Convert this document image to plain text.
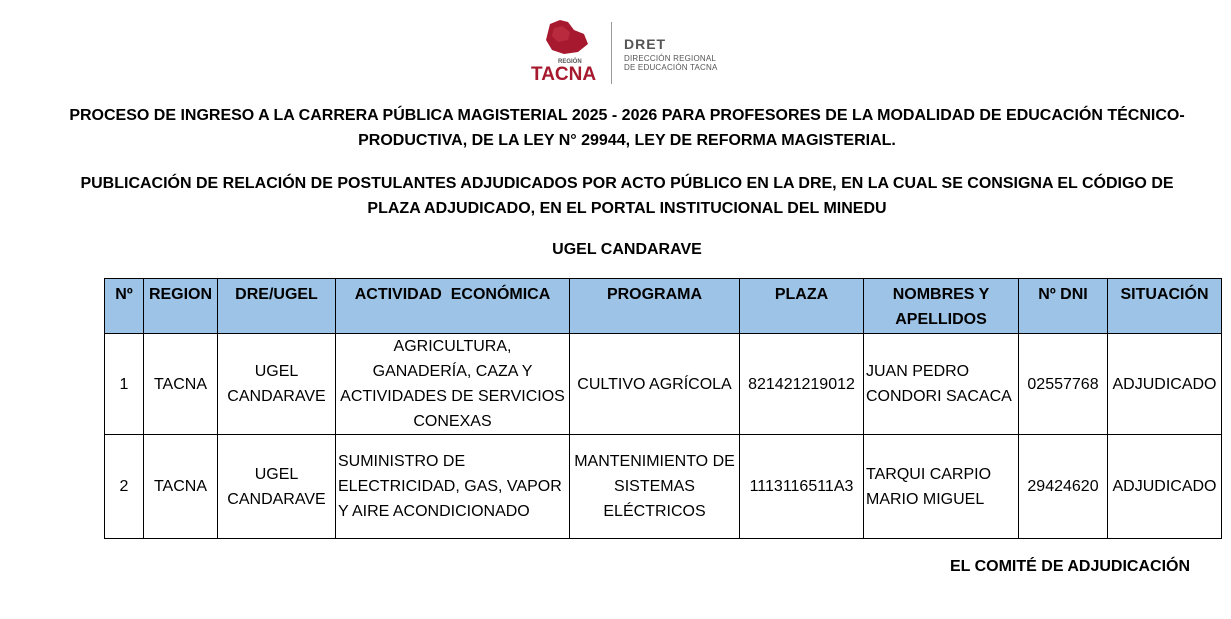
REGIÓN
TACNA
DRET
DIRECCIÓN REGIONAL
DE EDUCACIÓN TACNA
PROCESO DE INGRESO A LA CARRERA PÚBLICA MAGISTERIAL 2025 - 2026 PARA PROFESORES DE LA MODALIDAD DE EDUCACIÓN TÉCNICO-PRODUCTIVA, DE LA LEY N° 29944, LEY DE REFORMA MAGISTERIAL.
PUBLICACIÓN DE RELACIÓN DE POSTULANTES ADJUDICADOS POR ACTO PÚBLICO EN LA DRE, EN LA CUAL SE CONSIGNA EL CÓDIGO DE PLAZA ADJUDICADO, EN EL PORTAL INSTITUCIONAL DEL MINEDU
UGEL CANDARAVE
Nº	REGION	DRE/UGEL	ACTIVIDAD  ECONÓMICA	PROGRAMA	PLAZA	NOMBRES Y APELLIDOS	Nº DNI	SITUACIÓN
1	TACNA	UGEL CANDARAVE	AGRICULTURA,   GANADERÍA, CAZA Y ACTIVIDADES DE SERVICIOS CONEXAS	CULTIVO AGRÍCOLA	821421219012	JUAN PEDRO CONDORI SACACA	02557768	ADJUDICADO
2	TACNA	UGEL CANDARAVE	SUMINISTRO DE ELECTRICIDAD, GAS, VAPOR Y AIRE ACONDICIONADO	MANTENIMIENTO DE SISTEMAS ELÉCTRICOS	1113116511A3	TARQUI CARPIO MARIO MIGUEL	29424620	ADJUDICADO
EL COMITÉ DE ADJUDICACIÓN
